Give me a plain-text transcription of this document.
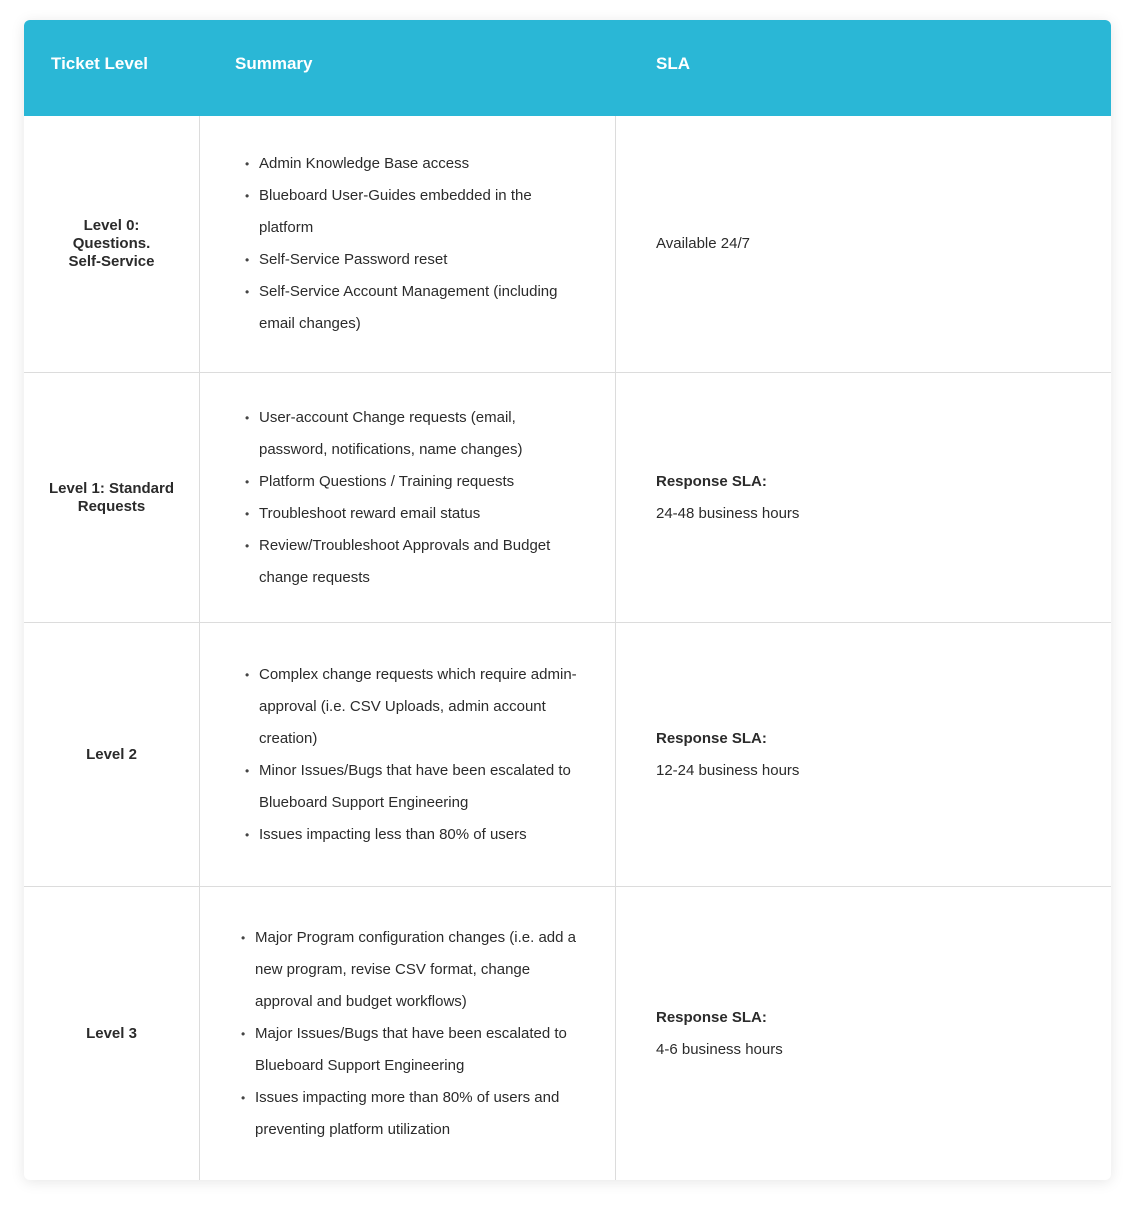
Ticket Level	Summary	SLA
Level 0: Questions. Self-Service
• Admin Knowledge Base access
• Blueboard User-Guides embedded in the platform
• Self-Service Password reset
• Self-Service Account Management (including email changes)
Available 24/7
Level 1: Standard Requests
• User-account Change requests (email, password, notifications, name changes)
• Platform Questions / Training requests
• Troubleshoot reward email status
• Review/Troubleshoot Approvals and Budget change requests
Response SLA:
24-48 business hours
Level 2
• Complex change requests which require admin-approval (i.e. CSV Uploads, admin account creation)
• Minor Issues/Bugs that have been escalated to Blueboard Support Engineering
• Issues impacting less than 80% of users
Response SLA:
12-24 business hours
Level 3
• Major Program configuration changes (i.e. add a new program, revise CSV format, change approval and budget workflows)
• Major Issues/Bugs that have been escalated to Blueboard Support Engineering
• Issues impacting more than 80% of users and preventing platform utilization
Response SLA:
4-6 business hours
